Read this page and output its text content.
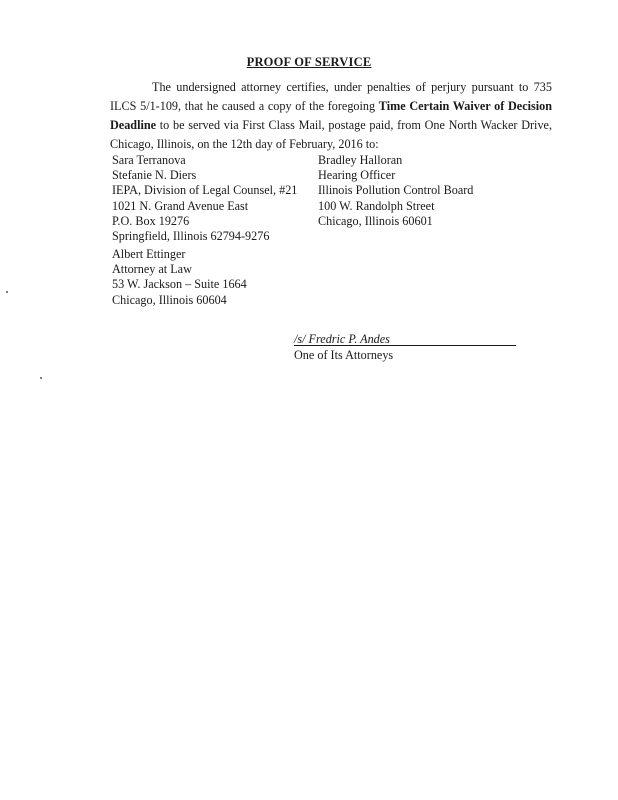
PROOF OF SERVICE
The undersigned attorney certifies, under penalties of perjury pursuant to 735 ILCS 5/1-109, that he caused a copy of the foregoing Time Certain Waiver of Decision Deadline to be served via First Class Mail, postage paid, from One North Wacker Drive, Chicago, Illinois, on the 12th day of February, 2016 to:
Sara Terranova
Stefanie N. Diers
IEPA, Division of Legal Counsel, #21
1021 N. Grand Avenue East
P.O. Box 19276
Springfield, Illinois 62794-9276
Bradley Halloran
Hearing Officer
Illinois Pollution Control Board
100 W. Randolph Street
Chicago, Illinois 60601
Albert Ettinger
Attorney at Law
53 W. Jackson – Suite 1664
Chicago, Illinois 60604
/s/ Fredric P. Andes
One of Its Attorneys
